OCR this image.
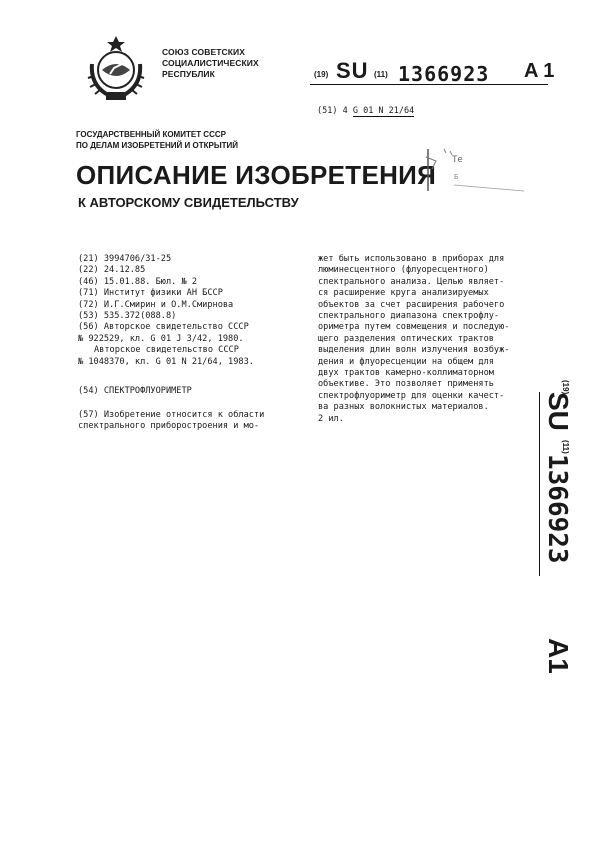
СОЮЗ СОВЕТСКИХ
СОЦИАЛИСТИЧЕСКИХ
РЕСПУБЛИК	(19) SU (11) 1366923 A 1
(51) 4 G 01 N 21/64
ГОСУДАРСТВЕННЫЙ КОМИТЕТ СССР
ПО ДЕЛАМ ИЗОБРЕТЕНИЙ И ОТКРЫТИЙ
ОПИСАНИЕ ИЗОБРЕТЕНИЯ
К АВТОРСКОМУ СВИДЕТЕЛЬСТВУ
Те
Б
(21) 3994706/31-25
(22) 24.12.85
(46) 15.01.88. Бюл. № 2
(71) Институт физики АН БССР
(72) И.Г.Смирин и О.М.Смирнова
(53) 535.372(088.8)
(56) Авторское свидетельство СССР
№ 922529, кл. G 01 J 3/42, 1980.
Авторское свидетельство СССР
№ 1048370, кл. G 01 N 21/64, 1983.
(54) СПЕКТРОФЛУОРИМЕТР
(57) Изобретение относится к области
спектрального приборостроения и мо-
жет быть использовано в приборах для
люминесцентного (флуоресцентного)
спектрального анализа. Целью являет-
ся расширение круга анализируемых
объектов за счет расширения рабочего
спектрального диапазона спектрофлу-
ориметра путем совмещения и последую-
щего разделения оптических трактов
выделения длин волн излучения возбуж-
дения и флуоресценции на общем для
двух трактов камерно-коллиматорном
объективе. Это позволяет применять
спектрофлуориметр для оценки качест-
ва разных волокнистых материалов.
2 ил.
(19)
SU
(11)
1366923
A1
